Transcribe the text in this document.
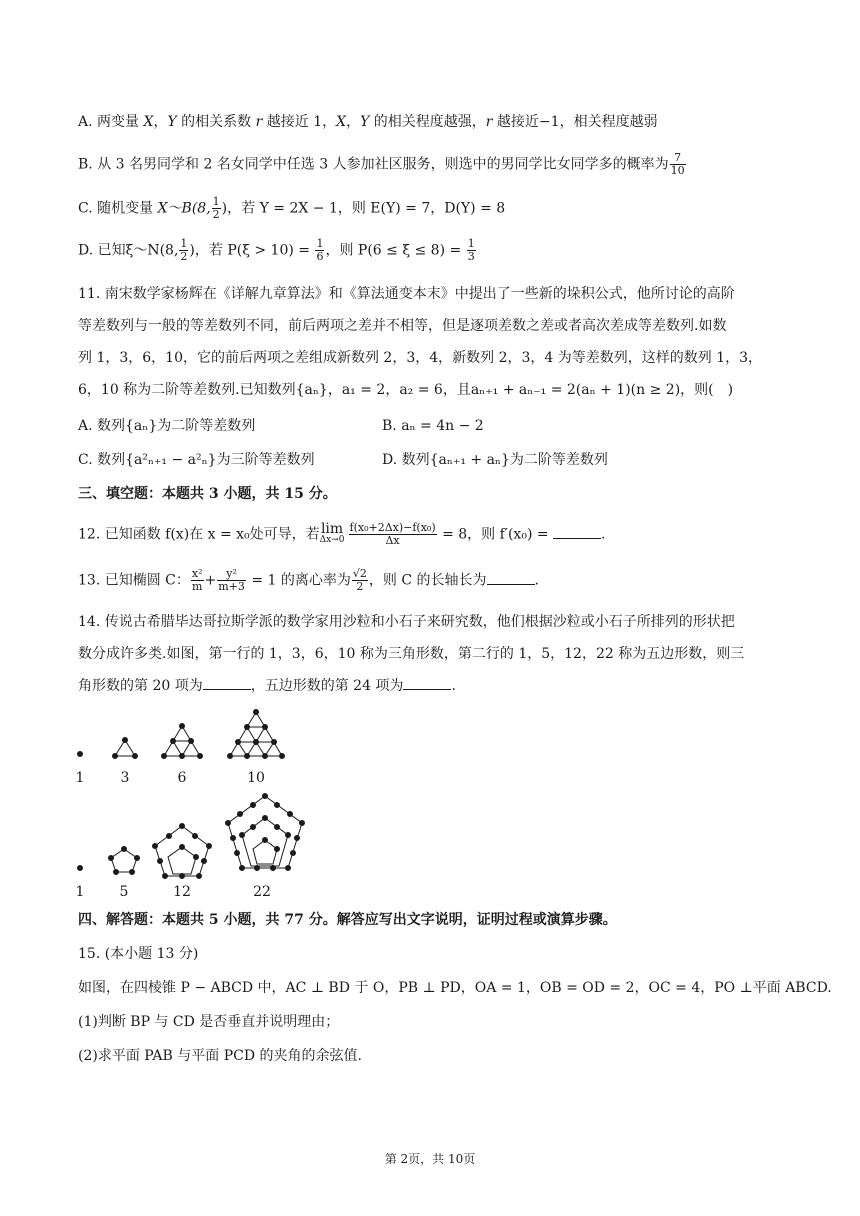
A. 两变量 X，Y 的相关系数 r 越接近 1，X，Y 的相关程度越强，r 越接近−1，相关程度越弱
B. 从 3 名男同学和 2 名女同学中任选 3 人参加社区服务，则选中的男同学比女同学多的概率为 $\frac{7}{10}$
C. 随机变量 X～B(8, $\frac{1}{2}$ )，若 Y = 2X − 1，则 E(Y) = 7，D(Y) = 8
D. 已知ξ～N(8, $\frac{1}{2}$ )，若 $P(\xi > 10) = \frac{1}{6}$ ，则 $P(6 \le \xi \le 8) = \frac{1}{3}$
11. 南宋数学家杨辉在《详解九章算法》和《算法通变本末》中提出了一些新的垛积公式，他所讨论的高阶
等差数列与一般的等差数列不同，前后两项之差并不相等，但是逐项差数之差或者高次差成等差数列.如数
列 1，3，6，10，它的前后两项之差组成新数列 2，3，4，新数列 2，3，4 为等差数列，这样的数列 1，3，
6，10 称为二阶等差数列.已知数列{aₙ}，a₁ = 2，a₂ = 6，且aₙ₊₁ + aₙ₋₁ = 2(aₙ + 1)(n ≥ 2)，则(　)
A. 数列{aₙ}为二阶等差数列	B. aₙ = 4n − 2
C. 数列{a²ₙ₊₁ − a²ₙ}为三阶等差数列	D. 数列{aₙ₊₁ + aₙ}为二阶等差数列
三、填空题：本题共 3 小题，共 15 分。
12. 已知函数 f(x)在 x = x₀处可导，若 lim
$\Delta x\to 0 \frac{\text{f(x₀+2Δx)−f(x₀)}}{\Delta x} = 8$，则 f′(x₀) =	.
13. 已知椭圆 C： $\frac{\text{x²}}{m} + \frac{\text{y²}}{m+3} = 1$ 的离心率为 $\frac{√2}{2}$ ，则 C 的长轴长为	.
14. 传说古希腊毕达哥拉斯学派的数学家用沙粒和小石子来研究数，他们根据沙粒或小石子所排列的形状把
数分成许多类.如图，第一行的 1，3，6，10 称为三角形数，第二行的 1，5，12，22 称为五边形数，则三
角形数的第 20 项为	，五边形数的第 24 项为	.
1	3	6	10
1	5	12	22
四、解答题：本题共 5 小题，共 77 分。解答应写出文字说明，证明过程或演算步骤。
15. (本小题 13 分)
如图，在四棱锥 P − ABCD 中，AC ⊥ BD 于 O，PB ⊥ PD，OA = 1，OB = OD = 2，OC = 4，PO ⊥平面 ABCD.
(1)判断 BP 与 CD 是否垂直并说明理由；
(2)求平面 PAB 与平面 PCD 的夹角的余弦值.
第 2页，共 10页
